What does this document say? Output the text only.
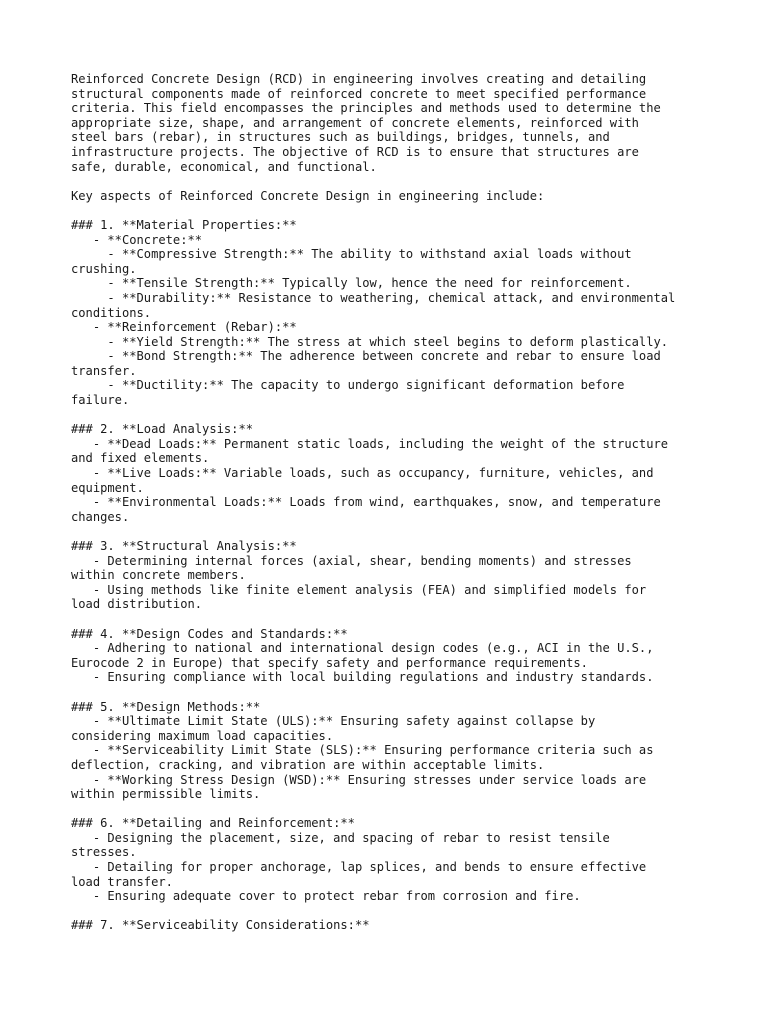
Reinforced Concrete Design (RCD) in engineering involves creating and detailing
structural components made of reinforced concrete to meet specified performance
criteria. This field encompasses the principles and methods used to determine the
appropriate size, shape, and arrangement of concrete elements, reinforced with
steel bars (rebar), in structures such as buildings, bridges, tunnels, and
infrastructure projects. The objective of RCD is to ensure that structures are
safe, durable, economical, and functional.
Key aspects of Reinforced Concrete Design in engineering include:
### 1. **Material Properties:**
- **Concrete:**
- **Compressive Strength:** The ability to withstand axial loads without
crushing.
- **Tensile Strength:** Typically low, hence the need for reinforcement.
- **Durability:** Resistance to weathering, chemical attack, and environmental
conditions.
- **Reinforcement (Rebar):**
- **Yield Strength:** The stress at which steel begins to deform plastically.
- **Bond Strength:** The adherence between concrete and rebar to ensure load
transfer.
- **Ductility:** The capacity to undergo significant deformation before
failure.
### 2. **Load Analysis:**
- **Dead Loads:** Permanent static loads, including the weight of the structure
and fixed elements.
- **Live Loads:** Variable loads, such as occupancy, furniture, vehicles, and
equipment.
- **Environmental Loads:** Loads from wind, earthquakes, snow, and temperature
changes.
### 3. **Structural Analysis:**
- Determining internal forces (axial, shear, bending moments) and stresses
within concrete members.
- Using methods like finite element analysis (FEA) and simplified models for
load distribution.
### 4. **Design Codes and Standards:**
- Adhering to national and international design codes (e.g., ACI in the U.S.,
Eurocode 2 in Europe) that specify safety and performance requirements.
- Ensuring compliance with local building regulations and industry standards.
### 5. **Design Methods:**
- **Ultimate Limit State (ULS):** Ensuring safety against collapse by
considering maximum load capacities.
- **Serviceability Limit State (SLS):** Ensuring performance criteria such as
deflection, cracking, and vibration are within acceptable limits.
- **Working Stress Design (WSD):** Ensuring stresses under service loads are
within permissible limits.
### 6. **Detailing and Reinforcement:**
- Designing the placement, size, and spacing of rebar to resist tensile
stresses.
- Detailing for proper anchorage, lap splices, and bends to ensure effective
load transfer.
- Ensuring adequate cover to protect rebar from corrosion and fire.
### 7. **Serviceability Considerations:**
